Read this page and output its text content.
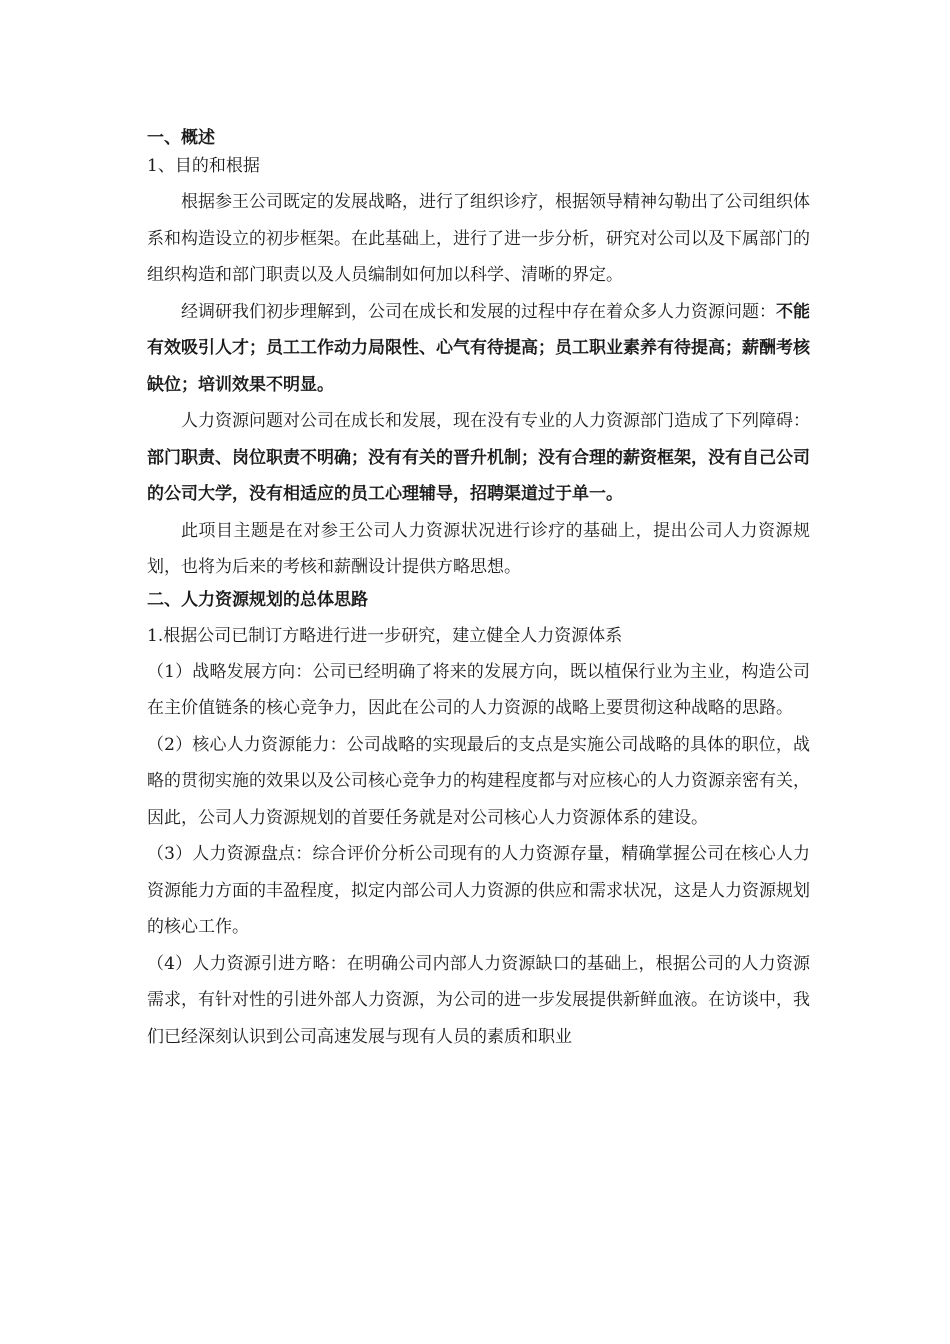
一、概述
1、目的和根据

根据参王公司既定的发展战略，进行了组织诊疗，根据领导精神勾勒出了公司组织体系和构造设立的初步框架。在此基础上，进行了进一步分析，研究对公司以及下属部门的组织构造和部门职责以及人员编制如何加以科学、清晰的界定。

经调研我们初步理解到，公司在成长和发展的过程中存在着众多人力资源问题：不能有效吸引人才；员工工作动力局限性、心气有待提高；员工职业素养有待提高；薪酬考核缺位；培训效果不明显。

人力资源问题对公司在成长和发展，现在没有专业的人力资源部门造成了下列障碍：部门职责、岗位职责不明确；没有有关的晋升机制；没有合理的薪资框架，没有自己公司的公司大学，没有相适应的员工心理辅导，招聘渠道过于单一。

此项目主题是在对参王公司人力资源状况进行诊疗的基础上，提出公司人力资源规划，也将为后来的考核和薪酬设计提供方略思想。

二、人力资源规划的总体思路
1.根据公司已制订方略进行进一步研究，建立健全人力资源体系

（1）战略发展方向：公司已经明确了将来的发展方向，既以植保行业为主业，构造公司在主价值链条的核心竞争力，因此在公司的人力资源的战略上要贯彻这种战略的思路。

（2）核心人力资源能力：公司战略的实现最后的支点是实施公司战略的具体的职位，战略的贯彻实施的效果以及公司核心竞争力的构建程度都与对应核心的人力资源亲密有关，因此，公司人力资源规划的首要任务就是对公司核心人力资源体系的建设。

（3）人力资源盘点：综合评价分析公司现有的人力资源存量，精确掌握公司在核心人力资源能力方面的丰盈程度，拟定内部公司人力资源的供应和需求状况，这是人力资源规划的核心工作。

（4）人力资源引进方略：在明确公司内部人力资源缺口的基础上，根据公司的人力资源需求，有针对性的引进外部人力资源，为公司的进一步发展提供新鲜血液。在访谈中，我们已经深刻认识到公司高速发展与现有人员的素质和职业
